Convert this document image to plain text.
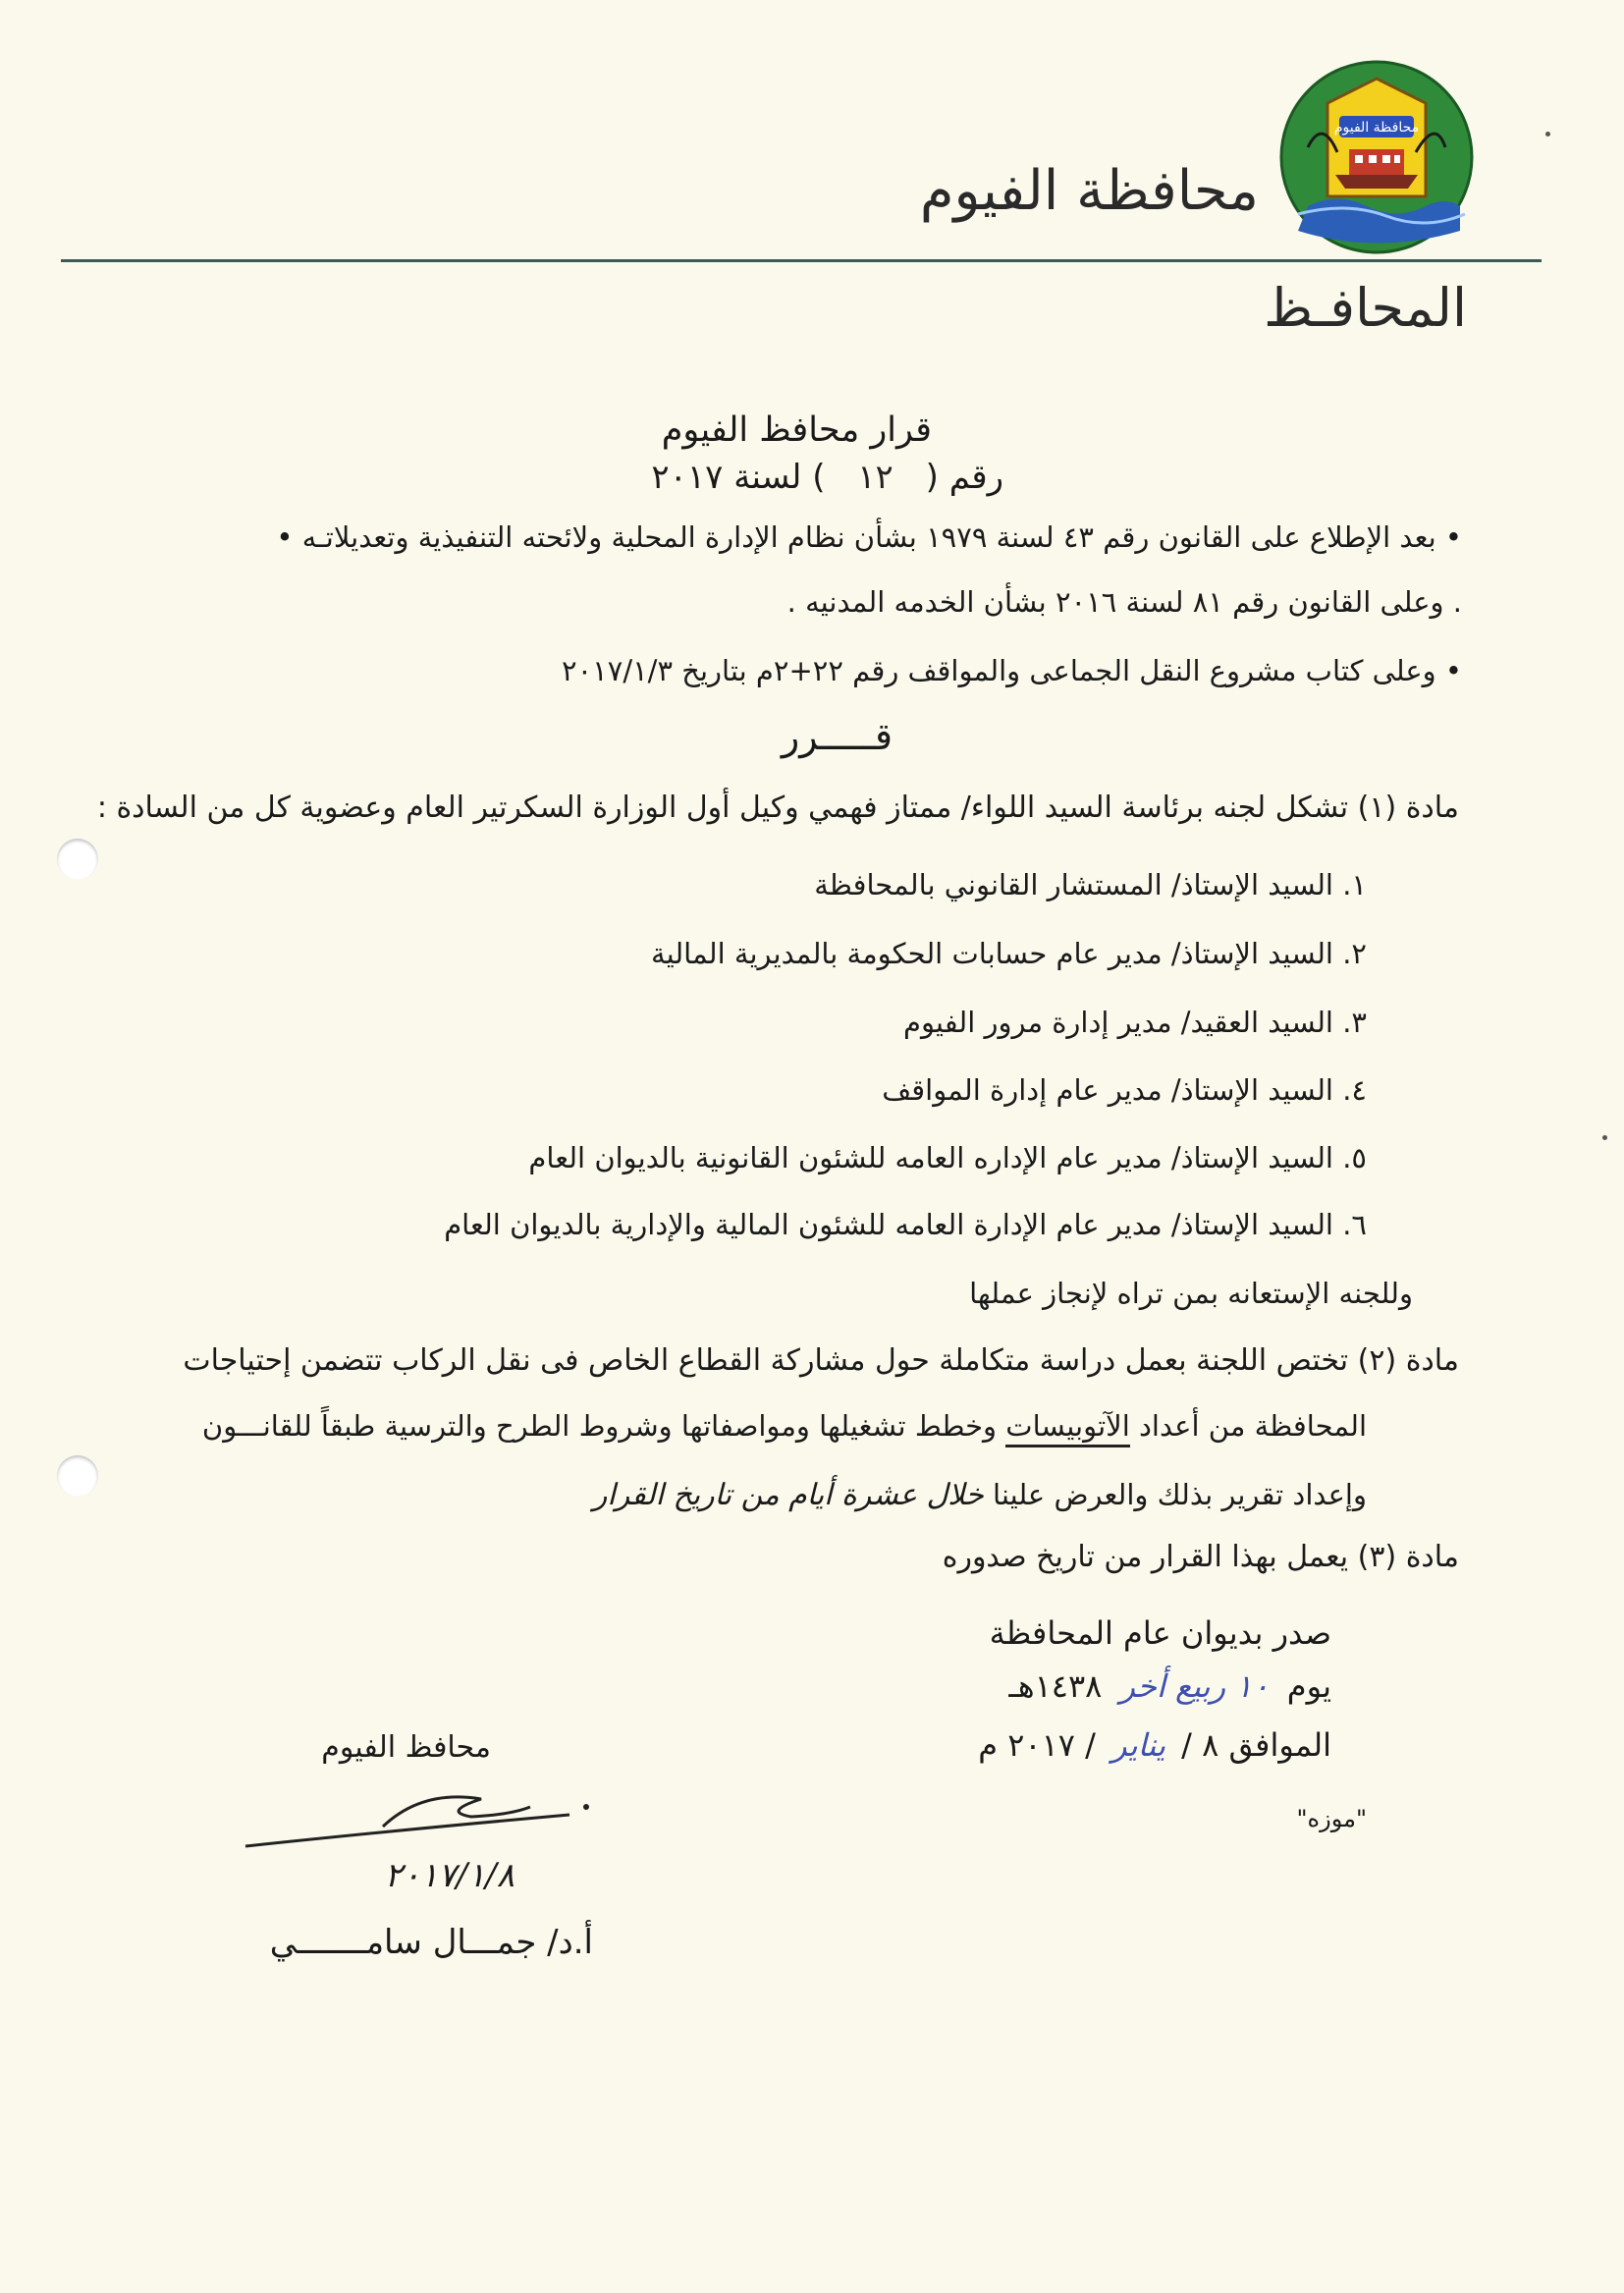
محافظة الفيوم
محافظة الفيوم
المحافـظ
قرار محافظ الفيوم
رقم ( ١٢ ) لسنة ٢٠١٧
• بعد الإطلاع على القانون رقم ٤٣ لسنة ١٩٧٩ بشأن نظام الإدارة المحلية ولائحته التنفيذية وتعديلاتـه •
. وعلى القانون رقم ٨١ لسنة ٢٠١٦ بشأن الخدمه المدنيه .
• وعلى كتاب مشروع النقل الجماعى والمواقف رقم ٢٢+٢م بتاريخ ٢٠١٧/١/٣
قـــــرر
مادة (١) تشكل لجنه برئاسة السيد اللواء/ ممتاز فهمي وكيل أول الوزارة السكرتير العام وعضوية كل من السادة :
١. السيد الإستاذ/ المستشار القانوني بالمحافظة
٢. السيد الإستاذ/ مدير عام حسابات الحكومة بالمديرية المالية
٣. السيد العقيد/ مدير إدارة مرور الفيوم
٤. السيد الإستاذ/ مدير عام إدارة المواقف
٥. السيد الإستاذ/ مدير عام الإداره العامه للشئون القانونية بالديوان العام
٦. السيد الإستاذ/ مدير عام الإدارة العامه للشئون المالية والإدارية بالديوان العام
وللجنه الإستعانه بمن تراه لإنجاز عملها
مادة (٢) تختص اللجنة بعمل دراسة متكاملة حول مشاركة القطاع الخاص فى نقل الركاب تتضمن إحتياجات
المحافظة من أعداد الآتوبيسات وخطط تشغيلها ومواصفاتها وشروط الطرح والترسية طبقاً للقانـــون
وإعداد تقرير بذلك والعرض علينا خلال عشرة أيام من تاريخ القرار
مادة (٣) يعمل بهذا القرار من تاريخ صدوره
صدر بديوان عام المحافظة
يوم ١٠ ربيع أخر ١٤٣٨هـ
الموافق ٨ / يناير / ٢٠١٧ م
"موزه"
محافظ الفيوم
٢٠١٧/١/٨
أ.د/ جمـــال سامـــــــي
